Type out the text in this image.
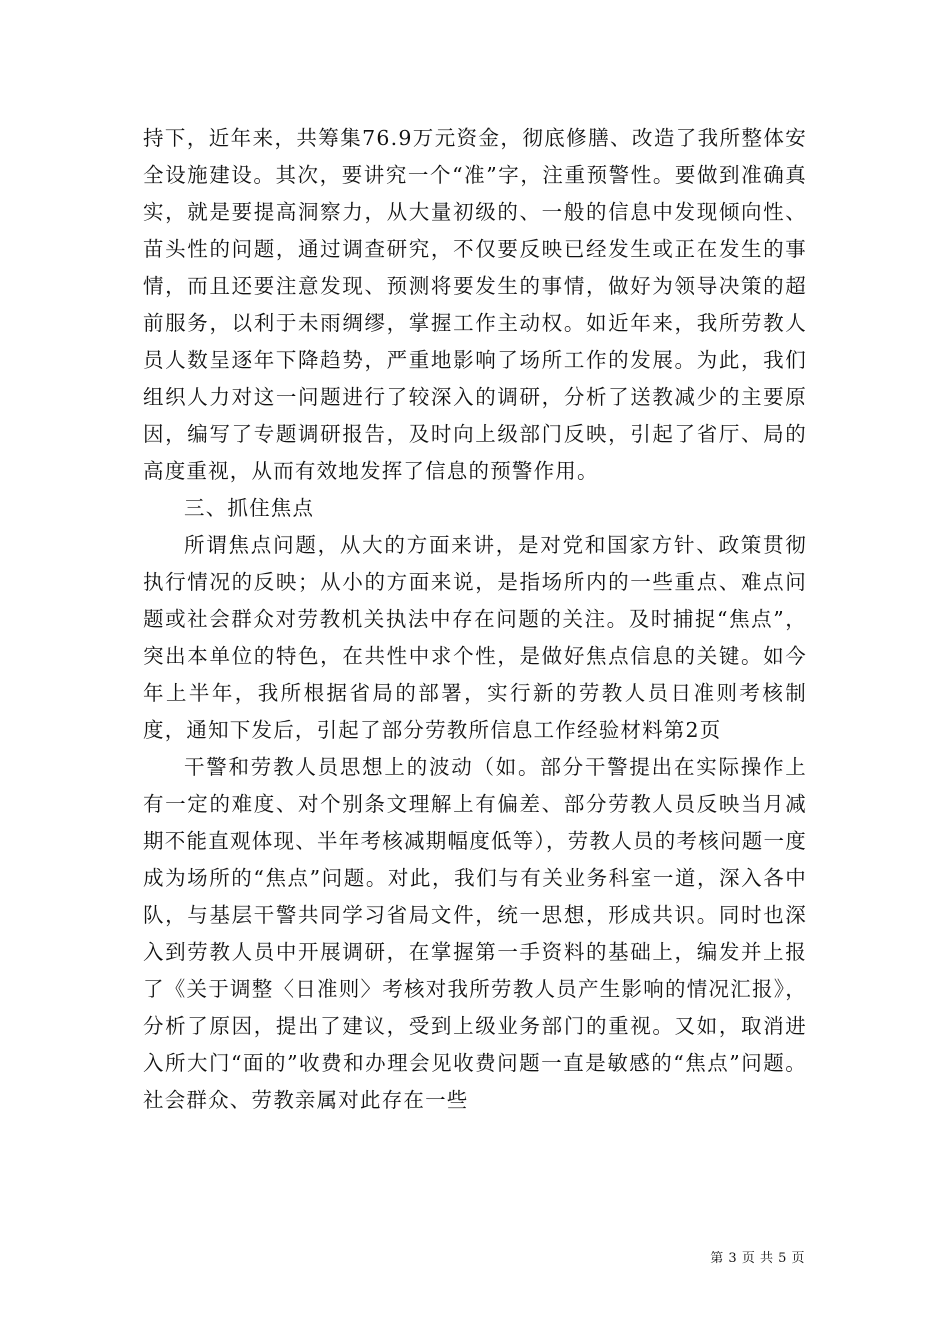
持下，近年来，共筹集76.9万元资金，彻底修膳、改造了我所整体安全设施建设。其次，要讲究一个“准”字，注重预警性。要做到准确真实，就是要提高洞察力，从大量初级的、一般的信息中发现倾向性、苗头性的问题，通过调查研究，不仅要反映已经发生或正在发生的事情，而且还要注意发现、预测将要发生的事情，做好为领导决策的超前服务，以利于未雨绸缪，掌握工作主动权。如近年来，我所劳教人员人数呈逐年下降趋势，严重地影响了场所工作的发展。为此，我们组织人力对这一问题进行了较深入的调研，分析了送教减少的主要原因，编写了专题调研报告，及时向上级部门反映，引起了省厅、局的高度重视，从而有效地发挥了信息的预警作用。

三、抓住焦点

所谓焦点问题，从大的方面来讲，是对党和国家方针、政策贯彻执行情况的反映；从小的方面来说，是指场所内的一些重点、难点问题或社会群众对劳教机关执法中存在问题的关注。及时捕捉“焦点”，突出本单位的特色，在共性中求个性，是做好焦点信息的关键。如今年上半年，我所根据省局的部署，实行新的劳教人员日准则考核制度，通知下发后，引起了部分劳教所信息工作经验材料第2页

干警和劳教人员思想上的波动（如。部分干警提出在实际操作上有一定的难度、对个别条文理解上有偏差、部分劳教人员反映当月减期不能直观体现、半年考核减期幅度低等），劳教人员的考核问题一度成为场所的“焦点”问题。对此，我们与有关业务科室一道，深入各中队，与基层干警共同学习省局文件，统一思想，形成共识。同时也深入到劳教人员中开展调研，在掌握第一手资料的基础上，编发并上报了《关于调整〈日准则〉考核对我所劳教人员产生影响的情况汇报》，分析了原因，提出了建议，受到上级业务部门的重视。又如，取消进入所大门“面的”收费和办理会见收费问题一直是敏感的“焦点”问题。社会群众、劳教亲属对此存在一些

第 3 页 共 5 页
